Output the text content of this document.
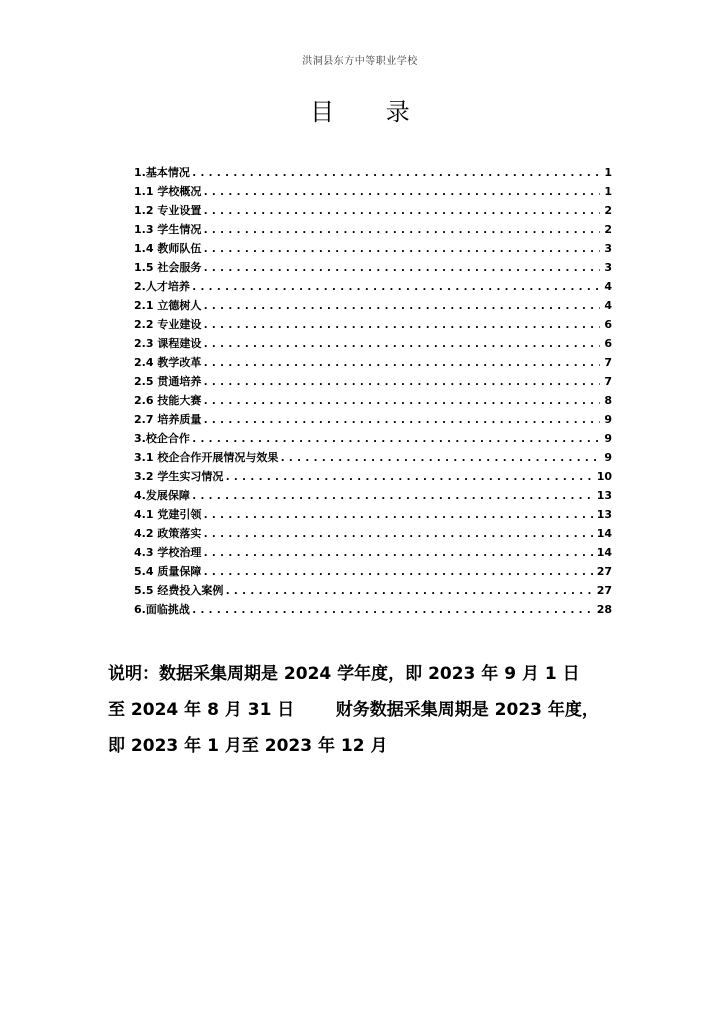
洪洞县东方中等职业学校
目 录
1.基本情况 .....	1
1.1 学校概况 .....	1
1.2 专业设置 .....	2
1.3 学生情况 .....	2
1.4 教师队伍 .....	3
1.5 社会服务 .....	3
2.人才培养 .....	4
2.1 立德树人 .....	4
2.2 专业建设 .....	6
2.3 课程建设 .....	6
2.4 教学改革 .....	7
2.5 贯通培养 .....	7
2.6 技能大赛 .....	8
2.7 培养质量 .....	9
3.校企合作 .....	9
3.1 校企合作开展情况与效果 .....	9
3.2 学生实习情况 .....	10
4.发展保障 .....	13
4.1 党建引领 .....	13
4.2 政策落实 .....	14
4.3 学校治理 .....	14
5.4 质量保障 .....	27
5.5 经费投入案例 .....	27
6.面临挑战 .....	28

说明：数据采集周期是 2024 学年度，即 2023 年 9 月 1 日

至 2024 年 8 月 31 日       财务数据采集周期是 2023 年度，

即 2023 年 1 月至 2023 年 12 月
